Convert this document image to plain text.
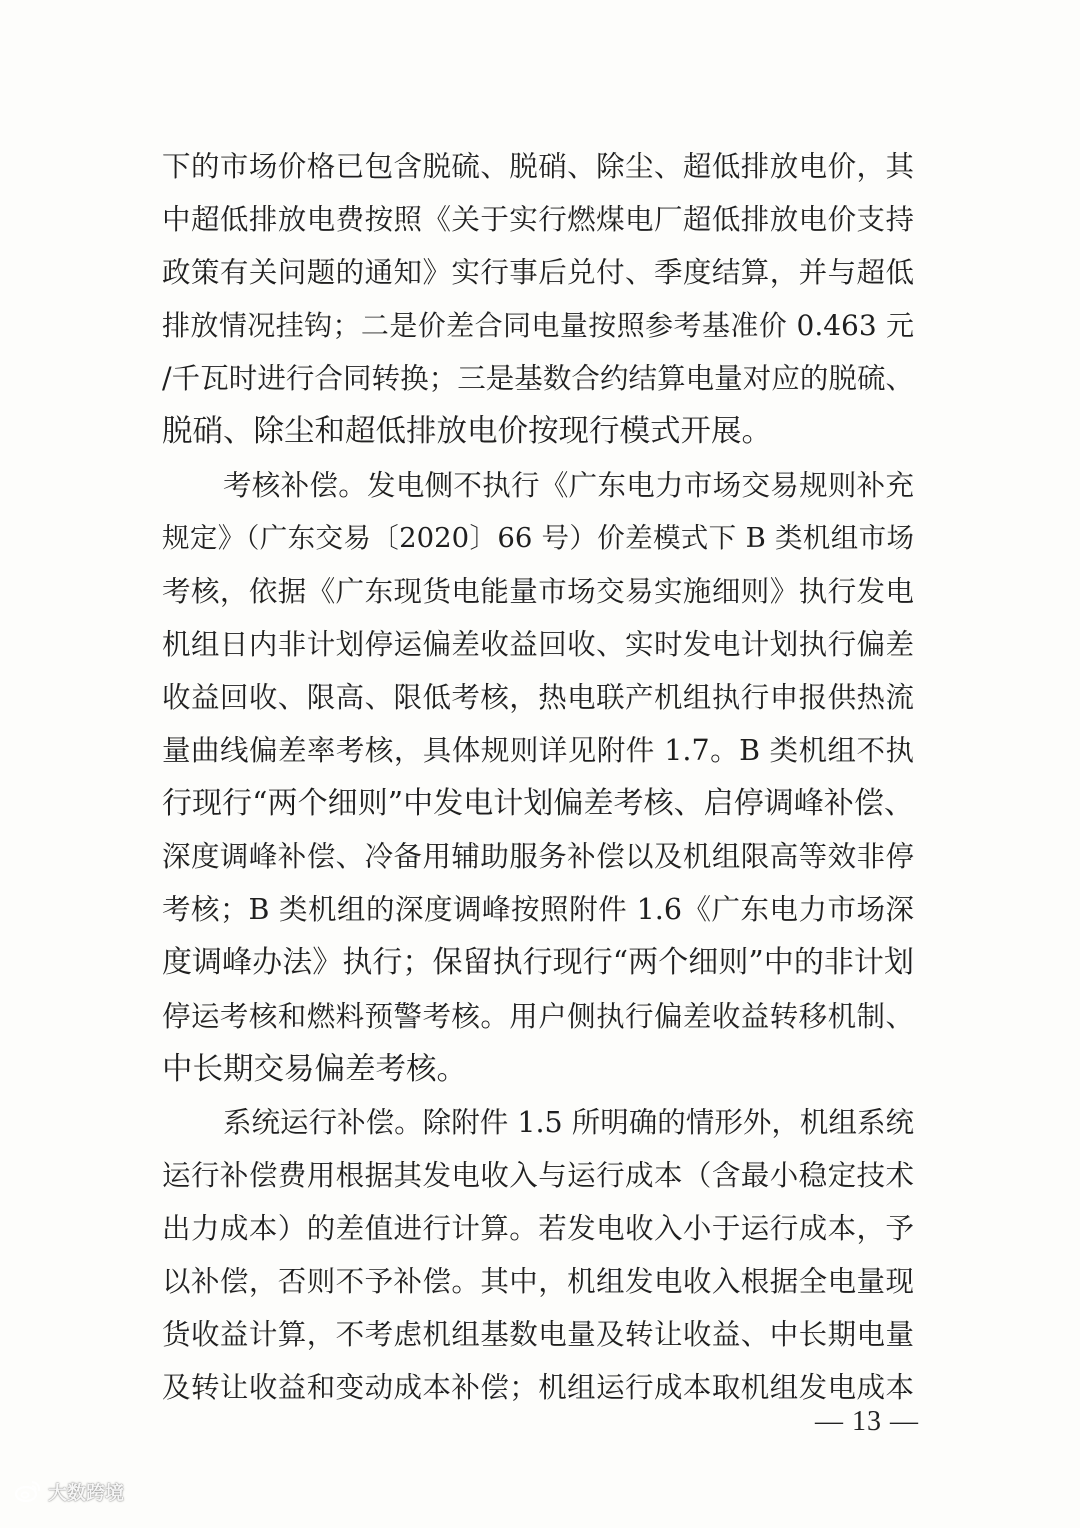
下的市场价格已包含脱硫、脱硝、除尘、超低排放电价，其
中超低排放电费按照《关于实行燃煤电厂超低排放电价支持
政策有关问题的通知》实行事后兑付、季度结算，并与超低
排放情况挂钩；二是价差合同电量按照参考基准价 0.463 元
/千瓦时进行合同转换；三是基数合约结算电量对应的脱硫、
脱硝、除尘和超低排放电价按现行模式开展。
考核补偿。发电侧不执行《广东电力市场交易规则补充
规定》（广东交易〔2020〕66 号）价差模式下 B 类机组市场
考核，依据《广东现货电能量市场交易实施细则》执行发电
机组日内非计划停运偏差收益回收、实时发电计划执行偏差
收益回收、限高、限低考核，热电联产机组执行申报供热流
量曲线偏差率考核，具体规则详见附件 1.7。B 类机组不执
行现行“两个细则”中发电计划偏差考核、启停调峰补偿、
深度调峰补偿、冷备用辅助服务补偿以及机组限高等效非停
考核；B 类机组的深度调峰按照附件 1.6《广东电力市场深
度调峰办法》执行；保留执行现行“两个细则”中的非计划
停运考核和燃料预警考核。用户侧执行偏差收益转移机制、
中长期交易偏差考核。
系统运行补偿。除附件 1.5 所明确的情形外，机组系统
运行补偿费用根据其发电收入与运行成本（含最小稳定技术
出力成本）的差值进行计算。若发电收入小于运行成本，予
以补偿，否则不予补偿。其中，机组发电收入根据全电量现
货收益计算，不考虑机组基数电量及转让收益、中长期电量
及转让收益和变动成本补偿；机组运行成本取机组发电成本
— 13 —
大数跨境
